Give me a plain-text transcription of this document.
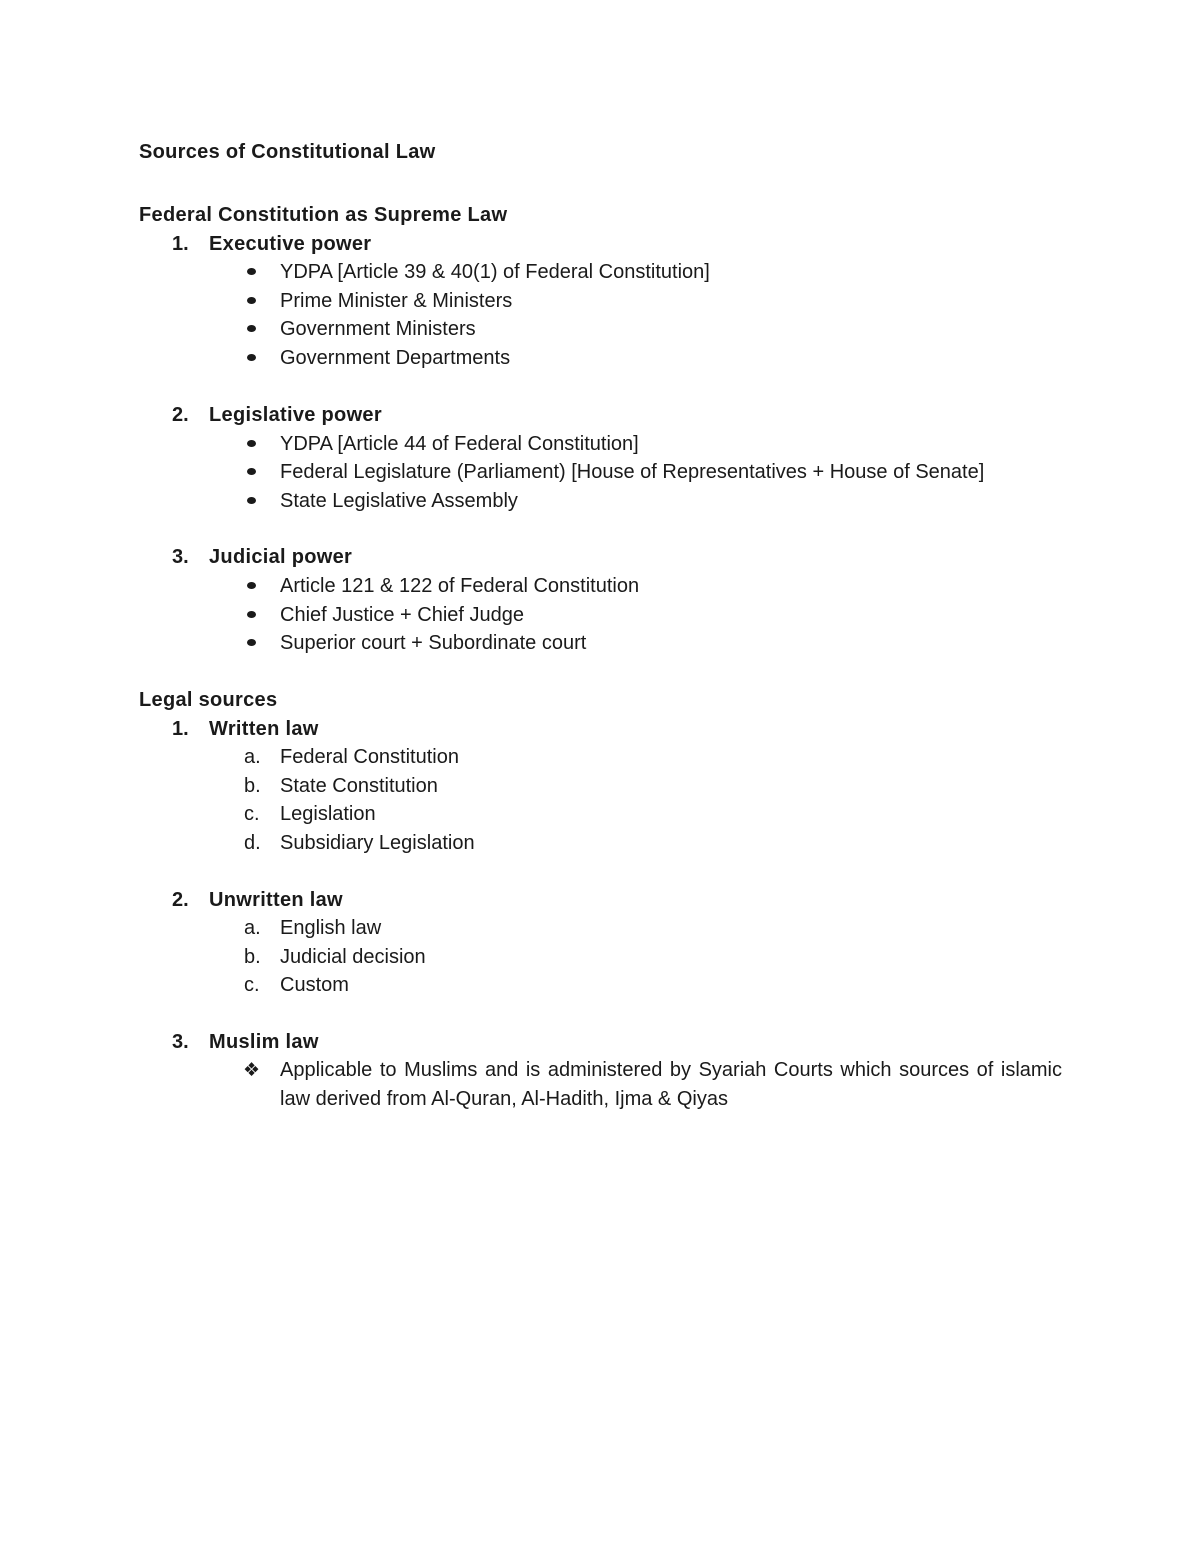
Sources of Constitutional Law
Federal Constitution as Supreme Law
1. Executive power
YDPA [Article 39 & 40(1) of Federal Constitution]
Prime Minister & Ministers
Government Ministers
Government Departments
2. Legislative power
YDPA [Article 44 of Federal Constitution]
Federal Legislature (Parliament) [House of Representatives + House of Senate]
State Legislative Assembly
3. Judicial power
Article 121 & 122 of Federal Constitution
Chief Justice + Chief Judge
Superior court + Subordinate court
Legal sources
1. Written law
a. Federal Constitution
b. State Constitution
c. Legislation
d. Subsidiary Legislation
2. Unwritten law
a. English law
b. Judicial decision
c. Custom
3. Muslim law
❖ Applicable to Muslims and is administered by Syariah Courts which sources of islamic law derived from Al-Quran, Al-Hadith, Ijma & Qiyas
